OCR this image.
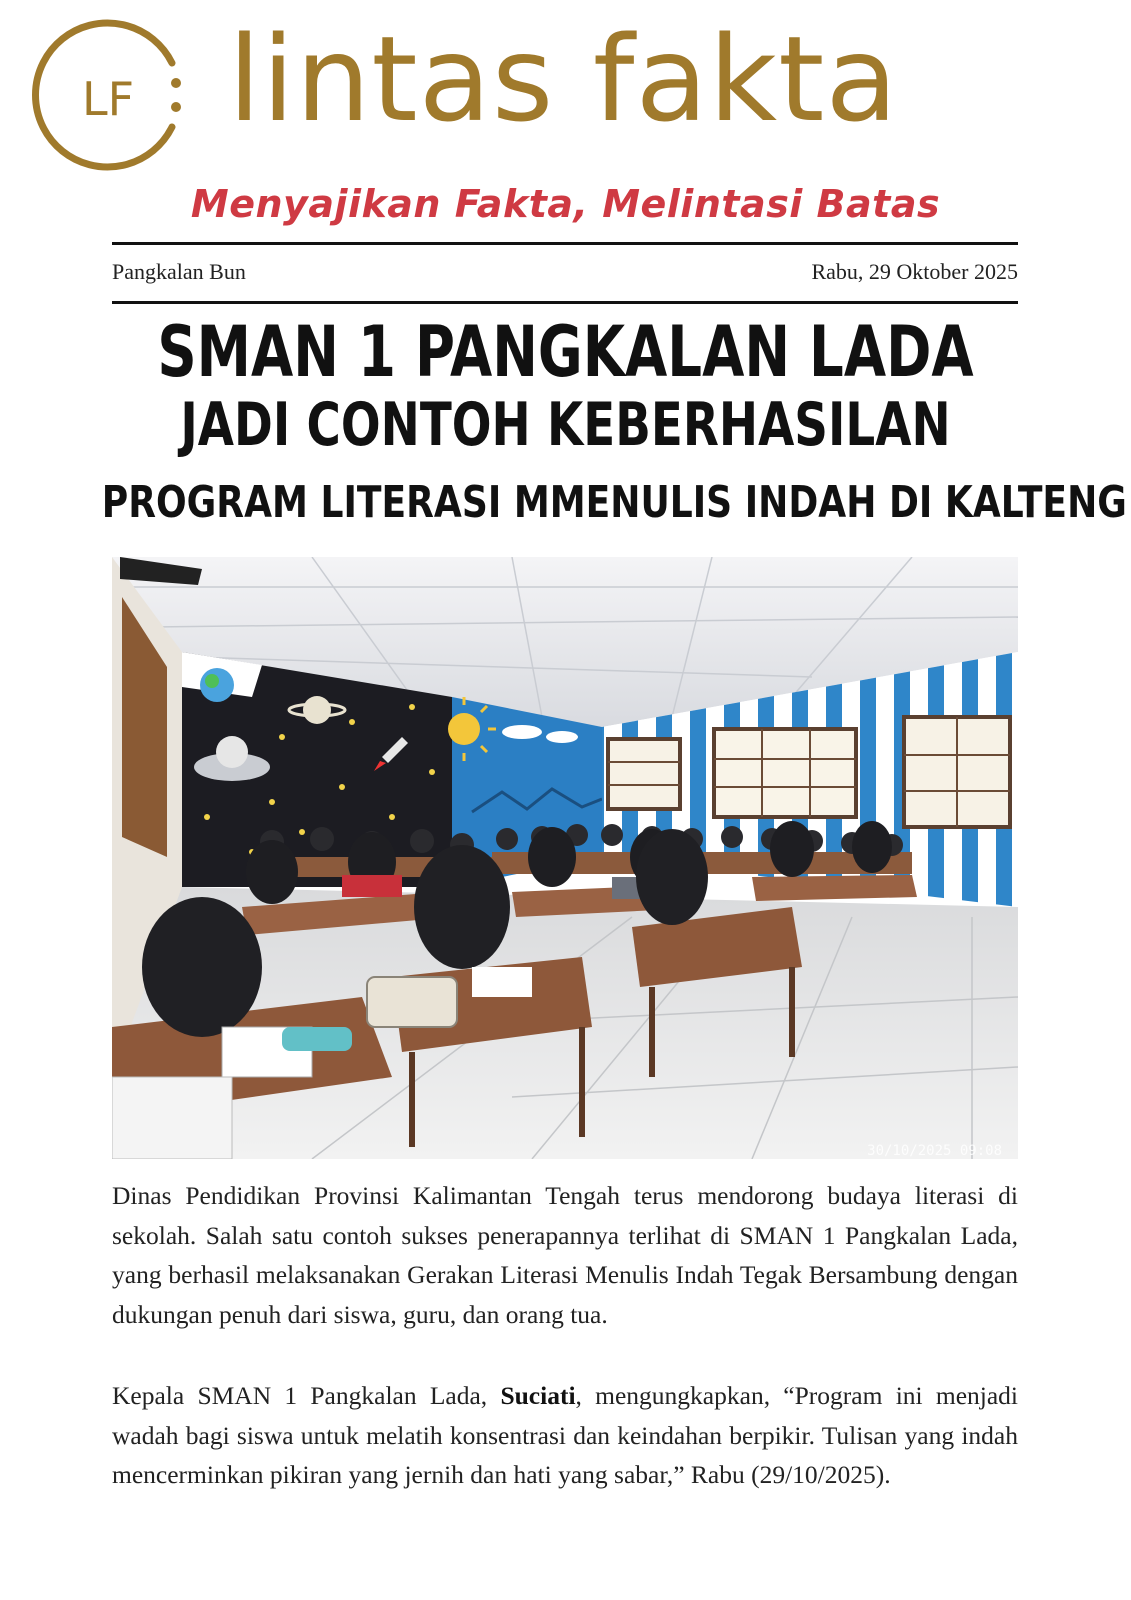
LF lintas fakta
Menyajikan Fakta, Melintasi Batas
Pangkalan Bun	Rabu, 29 Oktober 2025
SMAN 1 PANGKALAN LADA
JADI CONTOH KEBERHASILAN
PROGRAM LITERASI MMENULIS INDAH DI KALTENG
30/10/2025 09:08

Dinas Pendidikan Provinsi Kalimantan Tengah terus mendorong budaya literasi di sekolah. Salah satu contoh sukses penerapannya terlihat di SMAN 1 Pangkalan Lada, yang berhasil melaksanakan Gerakan Literasi Menulis Indah Tegak Bersambung dengan dukungan penuh dari siswa, guru, dan orang tua.

Kepala SMAN 1 Pangkalan Lada, Suciati, mengungkapkan, “Program ini menjadi wadah bagi siswa untuk melatih konsentrasi dan keindahan berpikir. Tulisan yang indah mencerminkan pikiran yang jernih dan hati yang sabar,” Rabu (29/10/2025).
